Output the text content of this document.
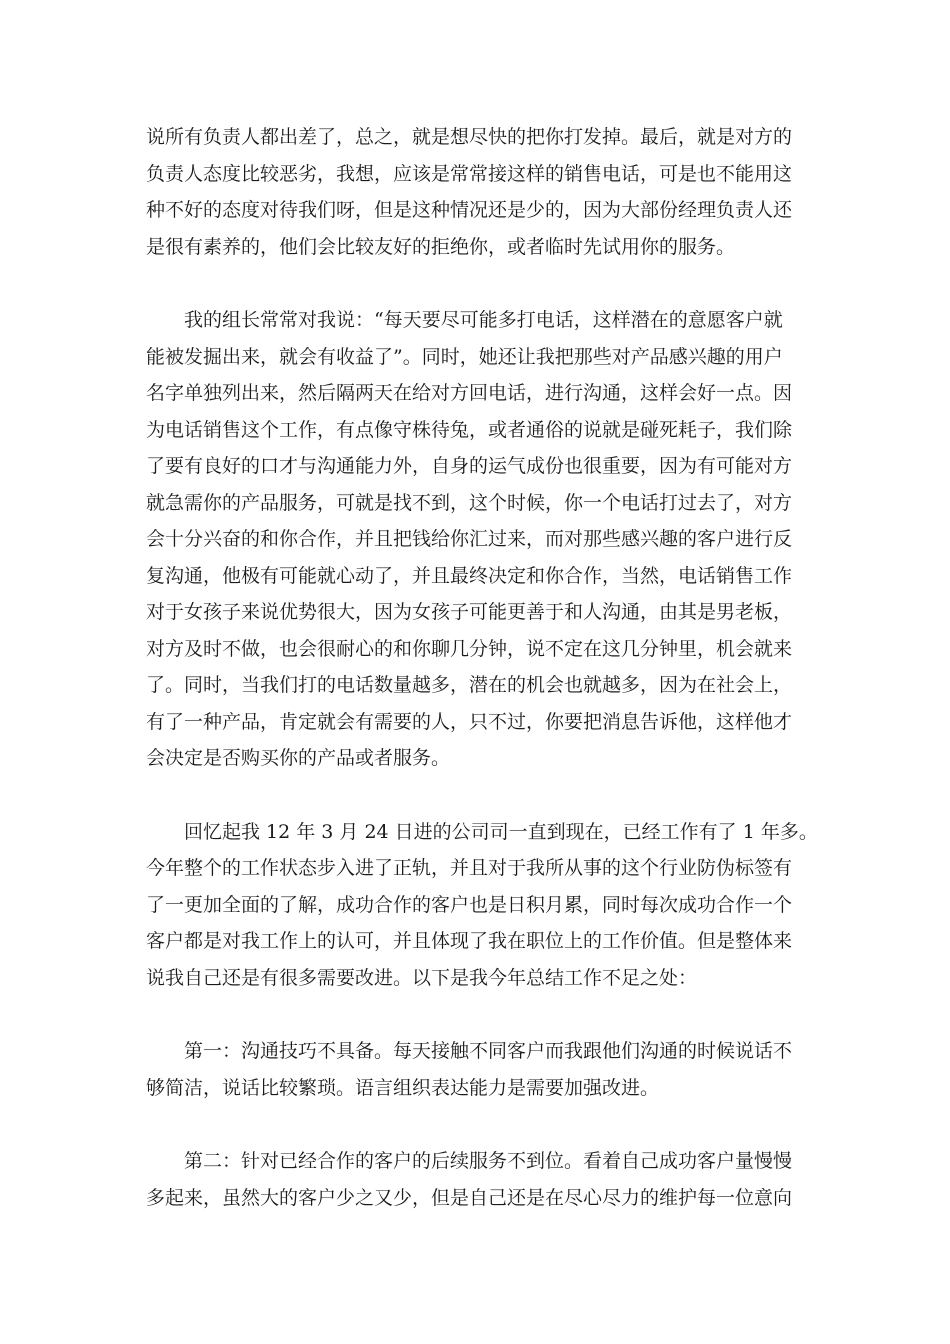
说所有负责人都出差了，总之，就是想尽快的把你打发掉。最后，就是对方的
负责人态度比较恶劣，我想，应该是常常接这样的销售电话，可是也不能用这
种不好的态度对待我们呀，但是这种情况还是少的，因为大部份经理负责人还
是很有素养的，他们会比较友好的拒绝你，或者临时先试用你的服务。

我的组长常常对我说：“每天要尽可能多打电话，这样潜在的意愿客户就
能被发掘出来，就会有收益了”。同时，她还让我把那些对产品感兴趣的用户
名字单独列出来，然后隔两天在给对方回电话，进行沟通，这样会好一点。因
为电话销售这个工作，有点像守株待兔，或者通俗的说就是碰死耗子，我们除
了要有良好的口才与沟通能力外，自身的运气成份也很重要，因为有可能对方
就急需你的产品服务，可就是找不到，这个时候，你一个电话打过去了，对方
会十分兴奋的和你合作，并且把钱给你汇过来，而对那些感兴趣的客户进行反
复沟通，他极有可能就心动了，并且最终决定和你合作，当然，电话销售工作
对于女孩子来说优势很大，因为女孩子可能更善于和人沟通，由其是男老板，
对方及时不做，也会很耐心的和你聊几分钟，说不定在这几分钟里，机会就来
了。同时，当我们打的电话数量越多，潜在的机会也就越多，因为在社会上，
有了一种产品，肯定就会有需要的人，只不过，你要把消息告诉他，这样他才
会决定是否购买你的产品或者服务。

回忆起我 12 年 3 月 24 日进的公司司一直到现在，已经工作有了 1 年多。
今年整个的工作状态步入进了正轨，并且对于我所从事的这个行业防伪标签有
了一更加全面的了解，成功合作的客户也是日积月累，同时每次成功合作一个
客户都是对我工作上的认可，并且体现了我在职位上的工作价值。但是整体来
说我自己还是有很多需要改进。以下是我今年总结工作不足之处：

第一：沟通技巧不具备。每天接触不同客户而我跟他们沟通的时候说话不
够简洁，说话比较繁琐。语言组织表达能力是需要加强改进。

第二：针对已经合作的客户的后续服务不到位。看着自己成功客户量慢慢
多起来，虽然大的客户少之又少，但是自己还是在尽心尽力的维护每一位意向
